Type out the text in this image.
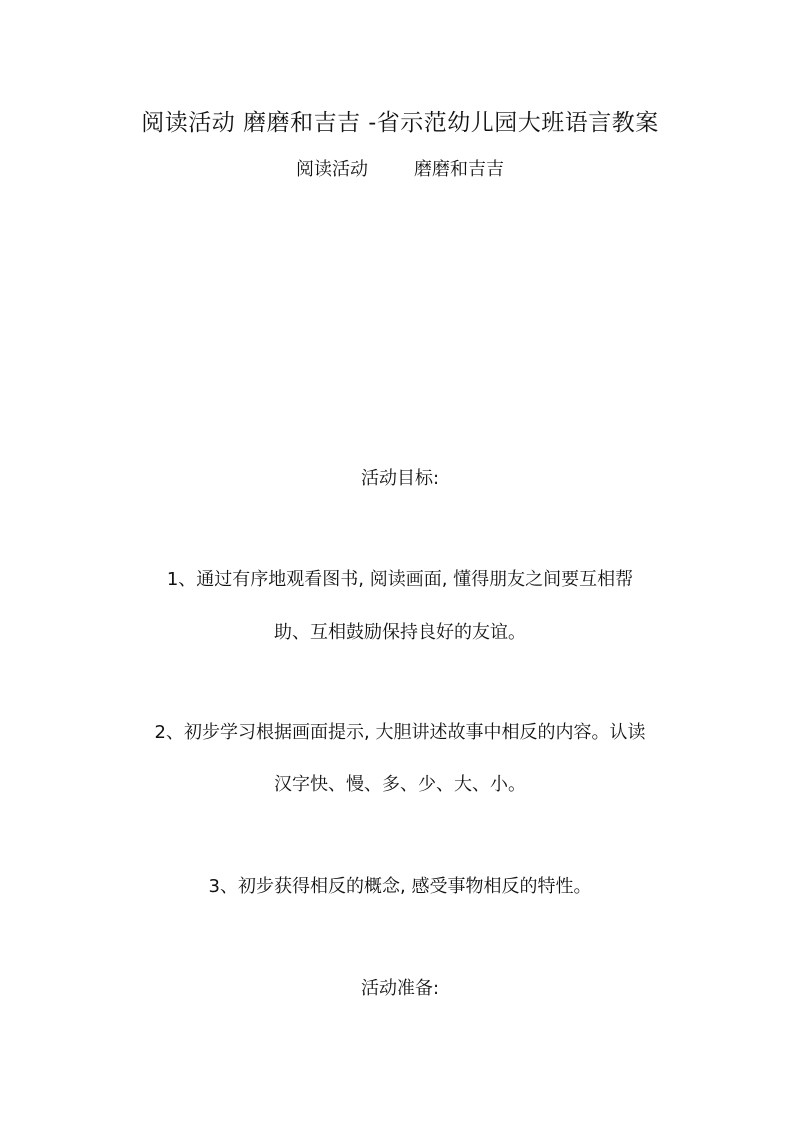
阅读活动 磨磨和吉吉 -省示范幼儿园大班语言教案
阅读活动	磨磨和吉吉
活动目标:
1、通过有序地观看图书, 阅读画面, 懂得朋友之间要互相帮
助、互相鼓励保持良好的友谊。
2、初步学习根据画面提示, 大胆讲述故事中相反的内容。认读
汉字快、慢、多、少、大、小。
3、初步获得相反的概念, 感受事物相反的特性。
活动准备:
